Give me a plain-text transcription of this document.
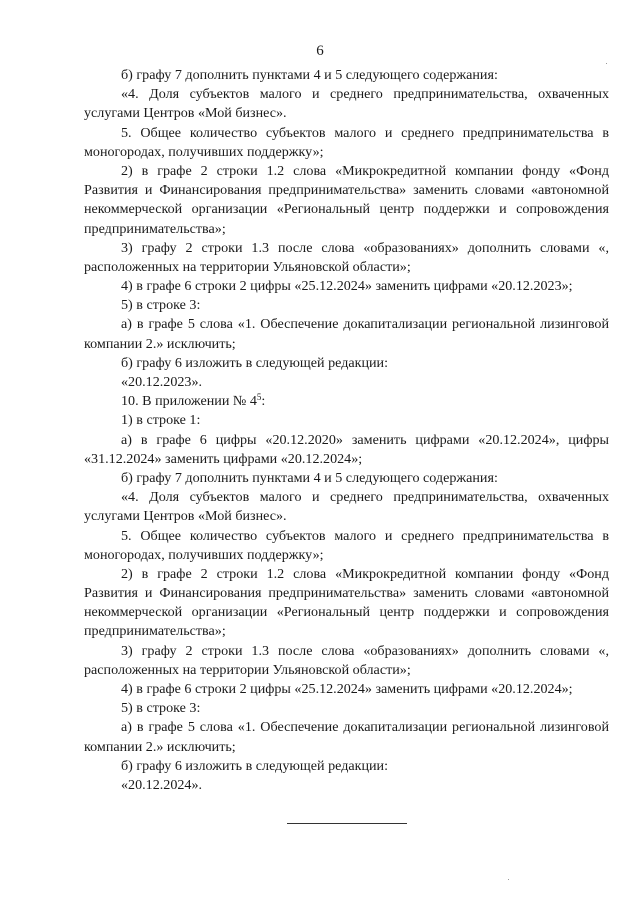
6

б) графу 7 дополнить пунктами 4 и 5 следующего содержания:

«4. Доля субъектов малого и среднего предпринимательства, охваченных услугами Центров «Мой бизнес».

5. Общее количество субъектов малого и среднего предпринимательства в моногородах, получивших поддержку»;

2) в графе 2 строки 1.2 слова «Микрокредитной компании фонду «Фонд Развития и Финансирования предпринимательства» заменить словами «автономной некоммерческой организации «Региональный центр поддержки и сопровождения предпринимательства»;

3) графу 2 строки 1.3 после слова «образованиях» дополнить словами «, расположенных на территории Ульяновской области»;

4) в графе 6 строки 2 цифры «25.12.2024» заменить цифрами «20.12.2023»;

5) в строке 3:

а) в графе 5 слова «1. Обеспечение докапитализации региональной лизинговой компании 2.» исключить;

б) графу 6 изложить в следующей редакции:

«20.12.2023».

10. В приложении № $4^5$:

1) в строке 1:

а) в графе 6 цифры «20.12.2020» заменить цифрами «20.12.2024», цифры «31.12.2024» заменить цифрами «20.12.2024»;

б) графу 7 дополнить пунктами 4 и 5 следующего содержания:

«4. Доля субъектов малого и среднего предпринимательства, охваченных услугами Центров «Мой бизнес».

5. Общее количество субъектов малого и среднего предпринимательства в моногородах, получивших поддержку»;

2) в графе 2 строки 1.2 слова «Микрокредитной компании фонду «Фонд Развития и Финансирования предпринимательства» заменить словами «автономной некоммерческой организации «Региональный центр поддержки и сопровождения предпринимательства»;

3) графу 2 строки 1.3 после слова «образованиях» дополнить словами «, расположенных на территории Ульяновской области»;

4) в графе 6 строки 2 цифры «25.12.2024» заменить цифрами «20.12.2024»;

5) в строке 3:

а) в графе 5 слова «1. Обеспечение докапитализации региональной лизинговой компании 2.» исключить;

б) графу 6 изложить в следующей редакции:

«20.12.2024».
